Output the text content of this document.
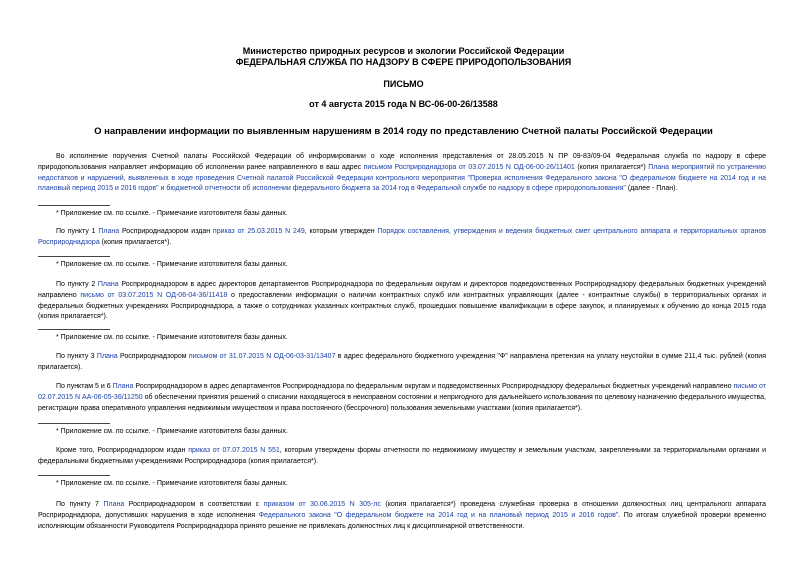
Министерство природных ресурсов и экологии Российской Федерации
ФЕДЕРАЛЬНАЯ СЛУЖБА ПО НАДЗОРУ В СФЕРЕ ПРИРОДОПОЛЬЗОВАНИЯ
ПИСЬМО
от 4 августа 2015 года N ВС-06-00-26/13588
О направлении информации по выявленным нарушениям в 2014 году по представлению Счетной палаты Российской Федерации

Во исполнение поручения Счетной палаты Российской Федерации об информировании о ходе исполнения представления от 28.05.2015 N ПР 09-83/09-04 Федеральная служба по надзору в сфере природопользования направляет информацию об исполнении ранее направленного в ваш адрес письмом Росприроднадзора от 03.07.2015 N ОД-06-00-26/11401 (копия прилагается*) Плана мероприятий по устранению недостатков и нарушений, выявленных в ходе проведения Счетной палатой Российской Федерации контрольного мероприятия "Проверка исполнения Федерального закона "О федеральном бюджете на 2014 год и на плановый период 2015 и 2016 годов" и бюджетной отчетности об исполнении федерального бюджета за 2014 год в Федеральной службе по надзору в сфере природопользования" (далее - План).

* Приложение см. по ссылке. - Примечание изготовителя базы данных.

По пункту 1 Плана Росприроднадзором издан приказ от 25.03.2015 N 249, которым утвержден Порядок составления, утверждения и ведения бюджетных смет центрального аппарата и территориальных органов Росприроднадзора (копия прилагается*).

* Приложение см. по ссылке. - Примечание изготовителя базы данных.

По пункту 2 Плана Росприроднадзором в адрес директоров департаментов Росприроднадзора по федеральным округам и директоров подведомственных Росприроднадзору федеральных бюджетных учреждений направлено письмо от 03.07.2015 N ОД-06-04-36/11418 о предоставлении информации о наличии контрактных служб или контрактных управляющих (далее - контрактные службы) в территориальных органах и федеральных бюджетных учреждениях Росприроднадзора, а также о сотрудниках указанных контрактных служб, прошедших повышение квалификации в сфере закупок, и планируемых к обучению до конца 2015 года (копия прилагается*).

* Приложение см. по ссылке. - Примечание изготовителя базы данных.

По пункту 3 Плана Росприроднадзором письмом от 31.07.2015 N ОД-06-03-31/13407 в адрес федерального бюджетного учреждения "Ф" направлена претензия на уплату неустойки в сумме 211,4 тыс. рублей (копия прилагается).

По пунктам 5 и 6 Плана Росприроднадзором в адрес департаментов Росприроднадзора по федеральным округам и подведомственных Росприроднадзору федеральных бюджетных учреждений направлено письмо от 02.07.2015 N АА-06-05-36/11250 об обеспечении принятия решений о списании находящегося в неисправном состоянии и непригодного для дальнейшего использования по целевому назначению федерального имущества, регистрации права оперативного управления недвижимым имуществом и права постоянного (бессрочного) пользования земельными участками (копия прилагается*).

* Приложение см. по ссылке. - Примечание изготовителя базы данных.

Кроме того, Росприроднадзором издан приказ от 07.07.2015 N 551, которым утверждены формы отчетности по недвижимому имуществу и земельным участкам, закрепленными за территориальными органами и федеральными бюджетными учреждениями Росприроднадзора (копия прилагается*).

* Приложение см. по ссылке. - Примечание изготовителя базы данных.

По пункту 7 Плана Росприроднадзором в соответствии с приказом от 30.06.2015 N 305-лс (копия прилагается*) проведена служебная проверка в отношении должностных лиц центрального аппарата Росприроднадзора, допустивших нарушения в ходе исполнения Федерального закона "О федеральном бюджете на 2014 год и на плановый период 2015 и 2016 годов". По итогам служебной проверки временно исполняющим обязанности Руководителя Росприроднадзора принято решение не привлекать должностных лиц к дисциплинарной ответственности.
